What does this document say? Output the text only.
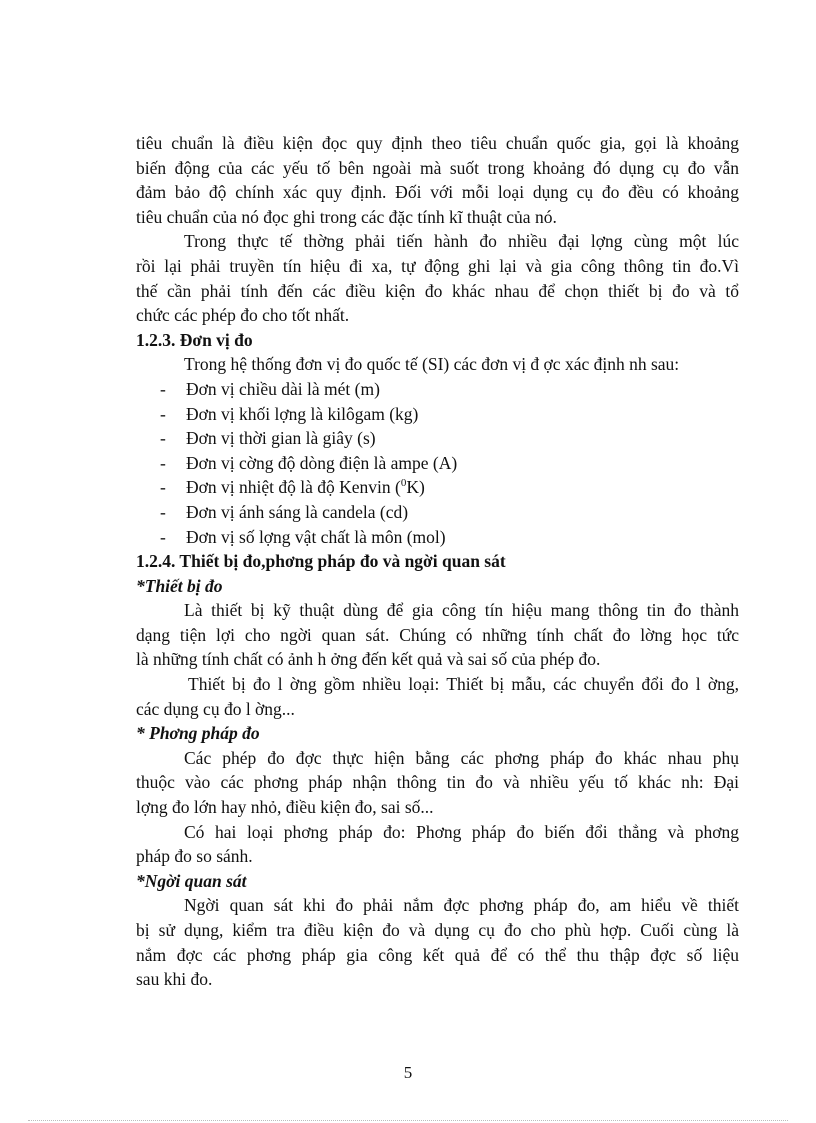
tiêu chuẩn là điều kiện đọc quy định theo tiêu chuẩn quốc gia, gọi là khoảng
biến động của các yếu tố bên ngoài mà suốt trong khoảng đó dụng cụ đo vẫn
đảm bảo độ chính xác quy định. Đối với mỗi loại dụng cụ đo đều có khoảng
tiêu chuẩn của nó đọc ghi trong các đặc tính kĩ thuật của nó.
Trong thực tế thờng phải tiến hành đo nhiều đại lợng cùng một lúc
rồi lại phải truyền tín hiệu đi xa, tự động ghi lại và gia công thông tin đo.Vì
thế cần phải tính đến các điều kiện đo khác nhau để chọn thiết bị đo và tổ
chức các phép đo cho tốt nhất.
1.2.3. Đơn vị đo
Trong hệ thống đơn vị đo quốc tế (SI) các đơn vị đ ợc xác định nh sau:
- Đơn vị chiều dài là mét (m)
- Đơn vị khối lợng là kilôgam (kg)
- Đơn vị thời gian là giây (s)
- Đơn vị cờng độ dòng điện là ampe (A)
- Đơn vị nhiệt độ là độ Kenvin ($^0$K)
- Đơn vị ánh sáng là candela (cd)
- Đơn vị số lợng vật chất là môn (mol)
1.2.4. Thiết bị đo,phơng pháp đo và ngời quan sát
*Thiết bị đo
Là thiết bị kỹ thuật dùng để gia công tín hiệu mang thông tin đo thành
dạng tiện lợi cho ngời quan sát. Chúng có những tính chất đo lờng học tức
là những tính chất có ảnh h ởng đến kết quả và sai số của phép đo.
Thiết bị đo l ờng gồm nhiều loại: Thiết bị mẫu, các chuyển đổi đo l ờng,
các dụng cụ đo l ờng...
* Phơng pháp đo
Các phép đo đợc thực hiện bằng các phơng pháp đo khác nhau phụ
thuộc vào các phơng pháp nhận thông tin đo và nhiều yếu tố khác nh: Đại
lợng đo lớn hay nhỏ, điều kiện đo, sai số...
Có hai loại phơng pháp đo: Phơng pháp đo biến đổi thẳng và phơng
pháp đo so sánh.
*Ngời quan sát
Ngời quan sát khi đo phải nắm đợc phơng pháp đo, am hiểu về thiết
bị sử dụng, kiểm tra điều kiện đo và dụng cụ đo cho phù hợp. Cuối cùng là
nắm đợc các phơng pháp gia công kết quả để có thể thu thập đợc số liệu
sau khi đo.
5
